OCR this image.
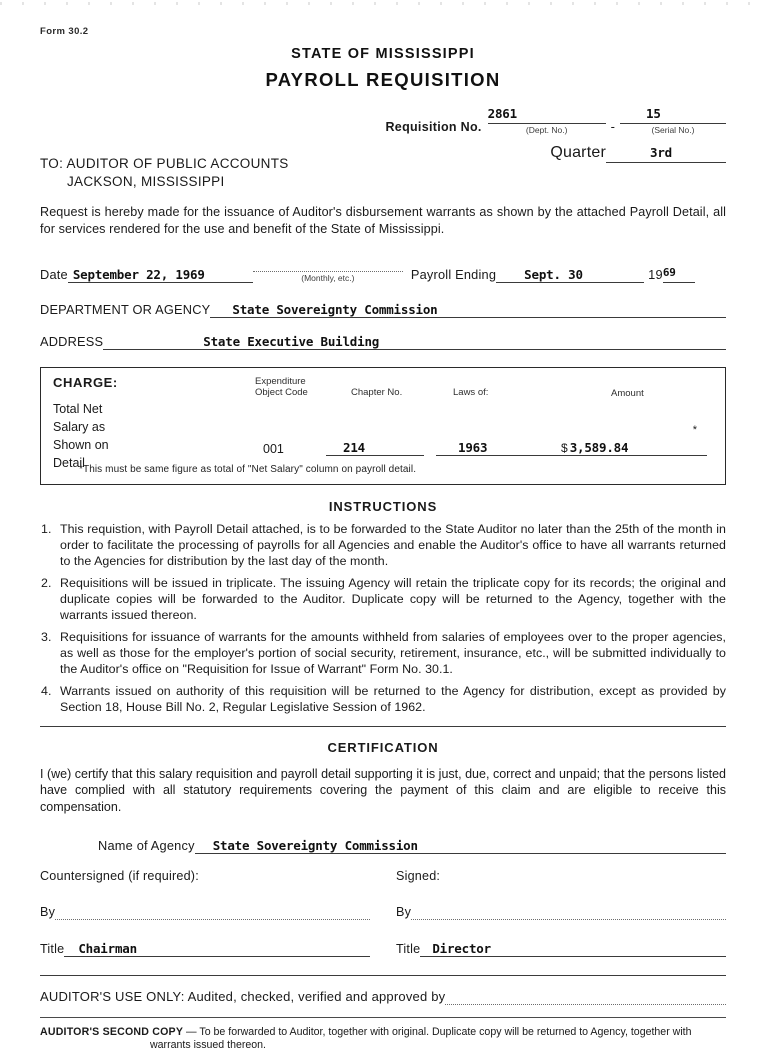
Form 30.2
STATE OF MISSISSIPPI
PAYROLL REQUISITION
Requisition No.
2861
(Dept. No.)	-
15
(Serial No.)
Quarter	3rd
TO: AUDITOR OF PUBLIC ACCOUNTS
JACKSON, MISSISSIPPI
Request is hereby made for the issuance of Auditor's disbursement warrants as shown by the attached Payroll Detail, all for services rendered for the use and benefit of the State of Mississippi.
Date September 22, 1969
	(Monthly, etc.)	Payroll Ending	Sept. 30	19 69
DEPARTMENT OR AGENCY	State Sovereignty Commission
ADDRESS	State Executive Building
CHARGE:	Expenditure
Object Code	Chapter No.	Laws of:	Amount
Total Net
Salary as
Shown on
Detail
*
001	214	1963	$ 3,589.84
*This must be same figure as total of "Net Salary" column on payroll detail.
INSTRUCTIONS
This requistion, with Payroll Detail attached, is to be forwarded to the State Auditor no later than the 25th of the month in order to facilitate the processing of payrolls for all Agencies and enable the Auditor's office to have all warrants returned to the Agencies for distribution by the last day of the month.
Requisitions will be issued in triplicate. The issuing Agency will retain the triplicate copy for its records; the original and duplicate copies will be forwarded to the Auditor. Duplicate copy will be returned to the Agency, together with the warrants issued thereon.
Requisitions for issuance of warrants for the amounts withheld from salaries of employees over to the proper agencies, as well as those for the employer's portion of social security, retirement, insurance, etc., will be submitted individually to the Auditor's office on "Requisition for Issue of Warrant" Form No. 30.1.
Warrants issued on authority of this requisition will be returned to the Agency for distribution, except as provided by Section 18, House Bill No. 2, Regular Legislative Session of 1962.
CERTIFICATION
I (we) certify that this salary requisition and payroll detail supporting it is just, due, correct and unpaid; that the persons listed have complied with all statutory requirements covering the payment of this claim and are eligible to receive this compensation.
Name of Agency	State Sovereignty Commission
Countersigned (if required):
By
Title	Chairman
Signed:
By
Title Director
AUDITOR'S USE ONLY: Audited, checked, verified and approved by
AUDITOR'S SECOND COPY — To be forwarded to Auditor, together with original. Duplicate copy will be returned to Agency, together with
warrants issued thereon.
